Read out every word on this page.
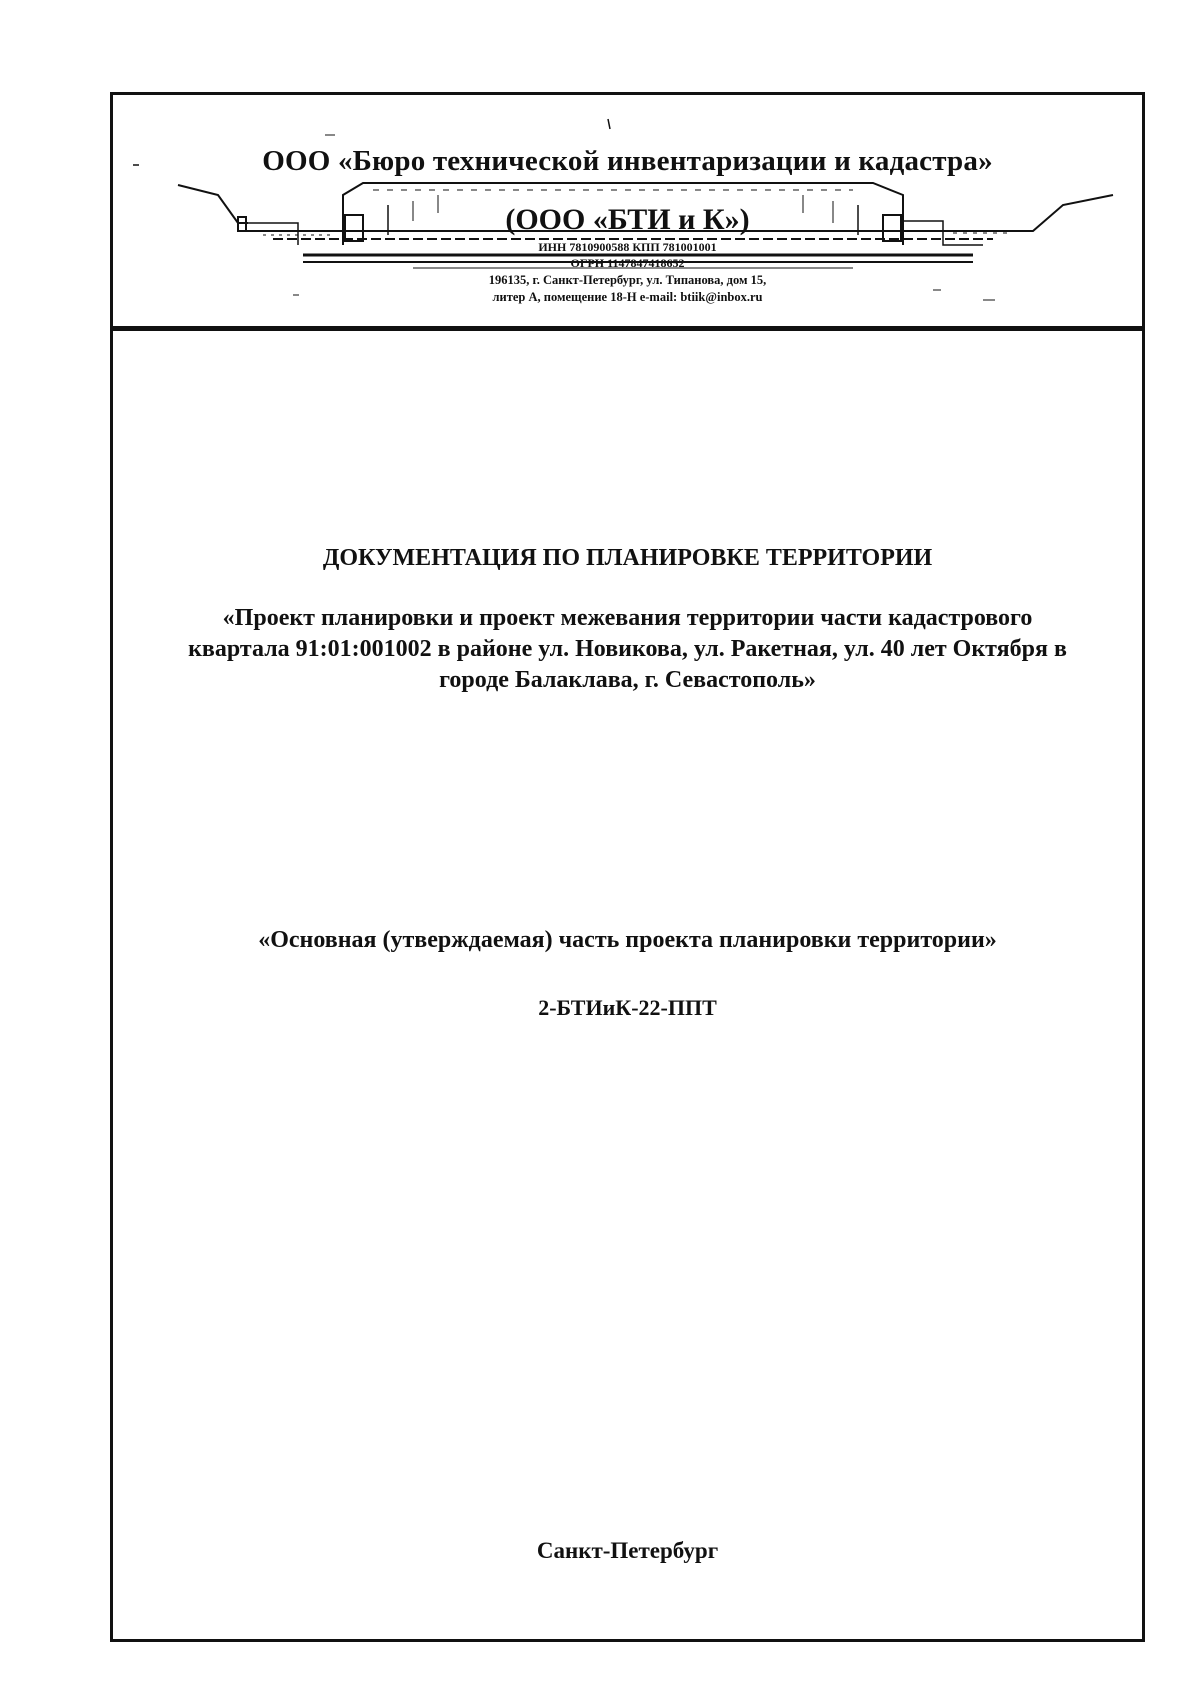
ООО «Бюро технической инвентаризации и кадастра»
(ООО «БТИ и К»)
ИНН 7810900588 КПП 781001001
ОГРН 1147847418652
196135, г. Санкт-Петербург, ул. Типанова, дом 15,
литер А, помещение 18-Н e-mail: btiik@inbox.ru
ДОКУМЕНТАЦИЯ ПО ПЛАНИРОВКЕ ТЕРРИТОРИИ
«Проект планировки и проект межевания территории части кадастрового квартала 91:01:001002 в районе ул. Новикова, ул. Ракетная, ул. 40 лет Октября в городе Балаклава, г. Севастополь»
«Основная (утверждаемая) часть проекта планировки территории»
2-БТИиК-22-ППТ
Санкт-Петербург
